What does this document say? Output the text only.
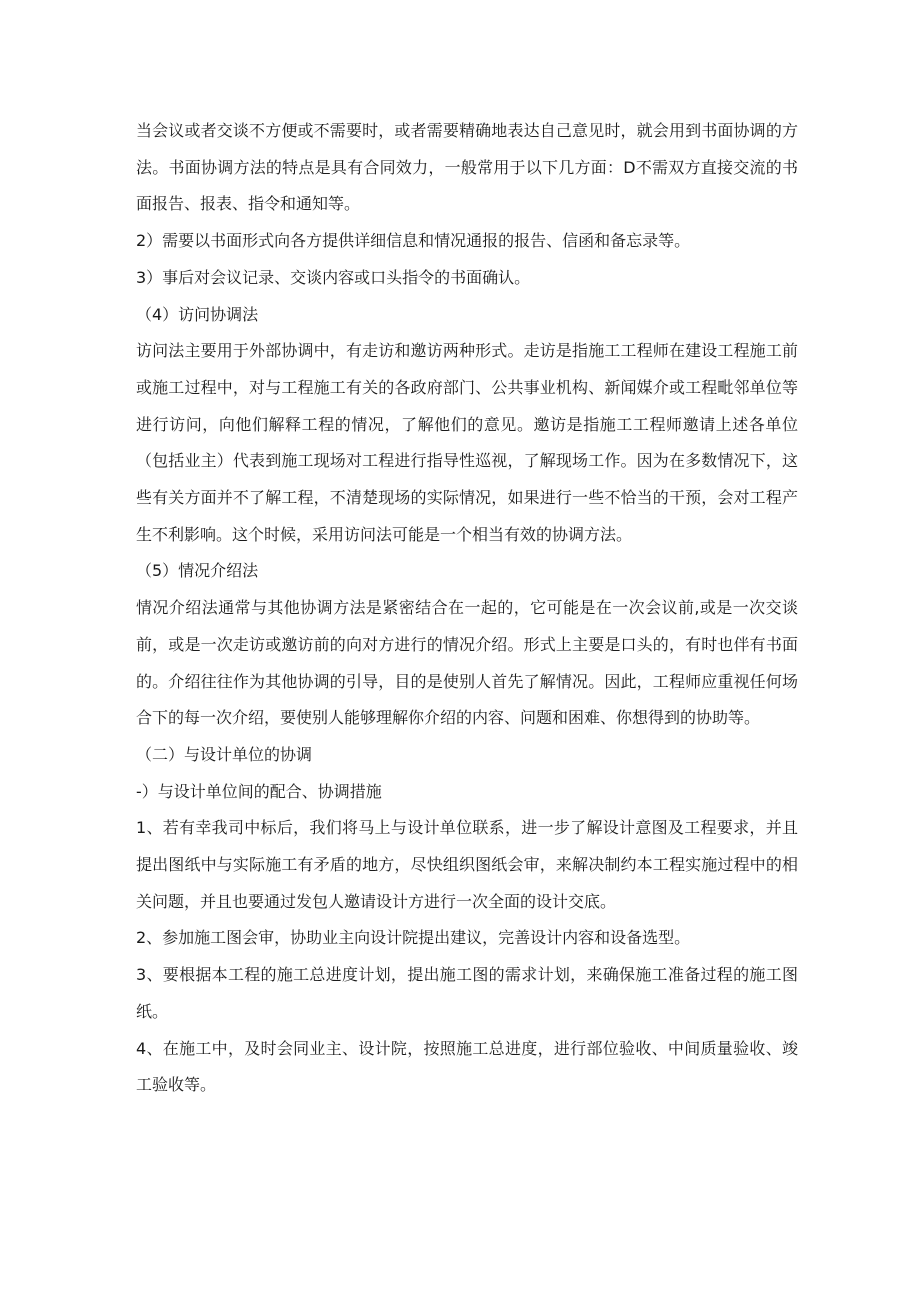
当会议或者交谈不方便或不需要时，或者需要精确地表达自己意见时，就会用到书面协调的方法。书面协调方法的特点是具有合同效力，一般常用于以下几方面：D不需双方直接交流的书面报告、报表、指令和通知等。

2）需要以书面形式向各方提供详细信息和情况通报的报告、信函和备忘录等。

3）事后对会议记录、交谈内容或口头指令的书面确认。

（4）访问协调法

访问法主要用于外部协调中，有走访和邀访两种形式。走访是指施工工程师在建设工程施工前或施工过程中，对与工程施工有关的各政府部门、公共事业机构、新闻媒介或工程毗邻单位等进行访问，向他们解释工程的情况，了解他们的意见。邀访是指施工工程师邀请上述各单位（包括业主）代表到施工现场对工程进行指导性巡视，了解现场工作。因为在多数情况下，这些有关方面并不了解工程，不清楚现场的实际情况，如果进行一些不恰当的干预，会对工程产生不利影响。这个时候，采用访问法可能是一个相当有效的协调方法。

（5）情况介绍法

情况介绍法通常与其他协调方法是紧密结合在一起的，它可能是在一次会议前,或是一次交谈前，或是一次走访或邀访前的向对方进行的情况介绍。形式上主要是口头的，有时也伴有书面的。介绍往往作为其他协调的引导，目的是使别人首先了解情况。因此，工程师应重视任何场合下的每一次介绍，要使别人能够理解你介绍的内容、问题和困难、你想得到的协助等。

（二）与设计单位的协调

-）与设计单位间的配合、协调措施

1、若有幸我司中标后，我们将马上与设计单位联系，进一步了解设计意图及工程要求，并且提出图纸中与实际施工有矛盾的地方，尽快组织图纸会审，来解决制约本工程实施过程中的相关问题，并且也要通过发包人邀请设计方进行一次全面的设计交底。

2、参加施工图会审，协助业主向设计院提出建议，完善设计内容和设备选型。

3、要根据本工程的施工总进度计划，提出施工图的需求计划，来确保施工准备过程的施工图纸。

4、在施工中，及时会同业主、设计院，按照施工总进度，进行部位验收、中间质量验收、竣工验收等。
